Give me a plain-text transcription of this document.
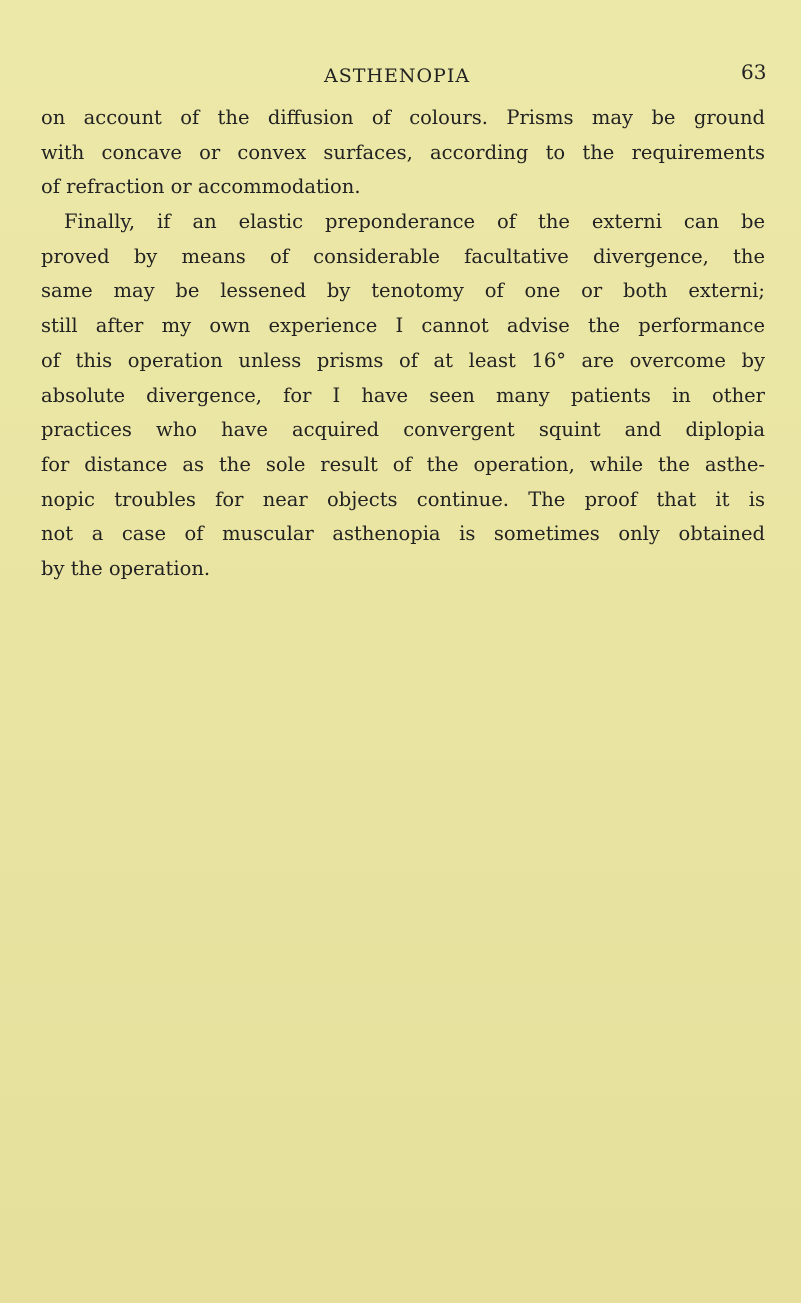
ASTHENOPIA	63
on account of the diffusion of colours. Prisms may be ground
with concave or convex surfaces, according to the requirements
of refraction or accommodation.
Finally, if an elastic preponderance of the externi can be
proved by means of considerable facultative divergence, the
same may be lessened by tenotomy of one or both externi;
still after my own experience I cannot advise the performance
of this operation unless prisms of at least 16° are overcome by
absolute divergence, for I have seen many patients in other
practices who have acquired convergent squint and diplopia
for distance as the sole result of the operation, while the asthe-
nopic troubles for near objects continue. The proof that it is
not a case of muscular asthenopia is sometimes only obtained
by the operation.
